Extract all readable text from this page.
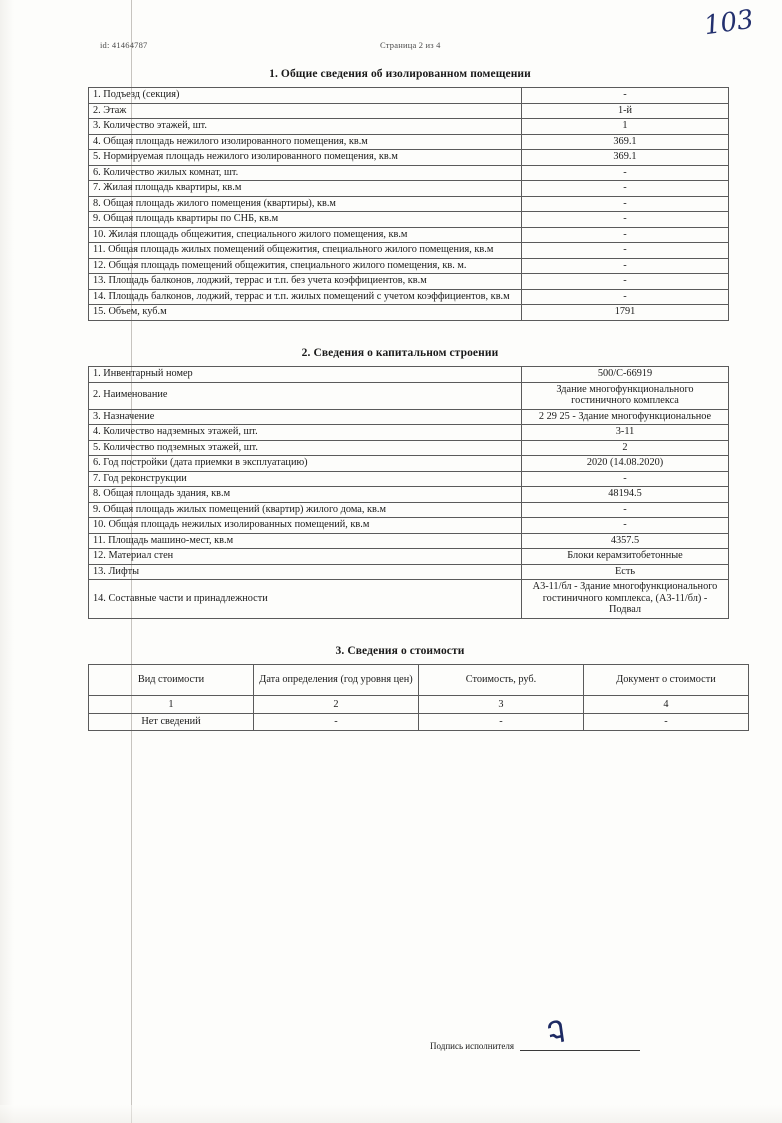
id: 41464787	Страница 2 из 4
103
1. Общие сведения об изолированном помещении
1. Подъезд (секция)	-
2. Этаж	1-й
3. Количество этажей, шт.	1
4. Общая площадь нежилого изолированного помещения, кв.м	369.1
5. Нормируемая площадь нежилого изолированного помещения, кв.м	369.1
6. Количество жилых комнат, шт.	-
7. Жилая площадь квартиры, кв.м	-
8. Общая площадь жилого помещения (квартиры), кв.м	-
9. Общая площадь квартиры по СНБ, кв.м	-
10. Жилая площадь общежития, специального жилого помещения, кв.м	-
11. Общая площадь жилых помещений общежития, специального жилого помещения, кв.м	-
12. Общая площадь помещений общежития, специального жилого помещения, кв. м.	-
13. Площадь балконов, лоджий, террас и т.п. без учета коэффициентов, кв.м	-
14. Площадь балконов, лоджий, террас и т.п. жилых помещений с учетом коэффициентов, кв.м	-
15. Объем, куб.м	1791
2. Сведения о капитальном строении
1. Инвентарный номер	500/С-66919
2. Наименование	Здание многофункционального гостиничного комплекса
3. Назначение	2 29 25 - Здание многофункциональное
4. Количество надземных этажей, шт.	3-11
5. Количество подземных этажей, шт.	2
6. Год постройки (дата приемки в эксплуатацию)	2020 (14.08.2020)
7. Год реконструкции	-
8. Общая площадь здания, кв.м	48194.5
9. Общая площадь жилых помещений (квартир) жилого дома, кв.м	-
10. Общая площадь нежилых изолированных помещений, кв.м	-
11. Площадь машино-мест, кв.м	4357.5
12. Материал стен	Блоки керамзитобетонные
13. Лифты	Есть
14. Составные части и принадлежности	А3-11/бл - Здание многофункционального гостиничного комплекса, (А3-11/бл) - Подвал
3. Сведения о стоимости
Вид стоимости	Дата определения (год уровня цен)	Стоимость, руб.	Документ о стоимости
1	2	3	4
Нет сведений	-	-	-
Подпись исполнителя Ꮈ
